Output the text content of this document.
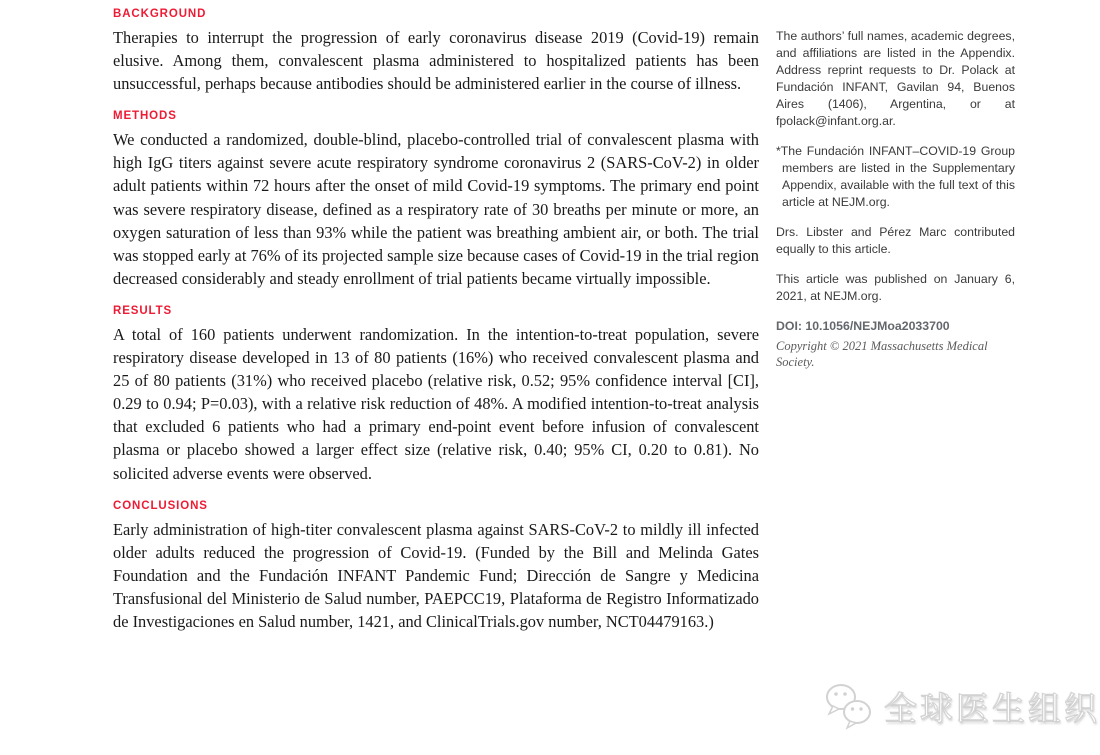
BACKGROUND

Therapies to interrupt the progression of early coronavirus disease 2019 (Covid-19) remain elusive. Among them, convalescent plasma administered to hospitalized patients has been unsuccessful, perhaps because antibodies should be administered earlier in the course of illness.

METHODS

We conducted a randomized, double-blind, placebo-controlled trial of convalescent plasma with high IgG titers against severe acute respiratory syndrome coronavirus 2 (SARS-CoV-2) in older adult patients within 72 hours after the onset of mild Covid-19 symptoms. The primary end point was severe respiratory disease, defined as a respiratory rate of 30 breaths per minute or more, an oxygen saturation of less than 93% while the patient was breathing ambient air, or both. The trial was stopped early at 76% of its projected sample size because cases of Covid-19 in the trial region decreased considerably and steady enrollment of trial patients became virtually impossible.

RESULTS

A total of 160 patients underwent randomization. In the intention-to-treat population, severe respiratory disease developed in 13 of 80 patients (16%) who received convalescent plasma and 25 of 80 patients (31%) who received placebo (relative risk, 0.52; 95% confidence interval [CI], 0.29 to 0.94; P=0.03), with a relative risk reduction of 48%. A modified intention-to-treat analysis that excluded 6 patients who had a primary end-point event before infusion of convalescent plasma or placebo showed a larger effect size (relative risk, 0.40; 95% CI, 0.20 to 0.81). No solicited adverse events were observed.

CONCLUSIONS

Early administration of high-titer convalescent plasma against SARS-CoV-2 to mildly ill infected older adults reduced the progression of Covid-19. (Funded by the Bill and Melinda Gates Foundation and the Fundación INFANT Pandemic Fund; Dirección de Sangre y Medicina Transfusional del Ministerio de Salud number, PAEPCC19, Plataforma de Registro Informatizado de Investigaciones en Salud number, 1421, and ClinicalTrials.gov number, NCT04479163.)

The authors’ full names, academic degrees, and affiliations are listed in the Appendix. Address reprint requests to Dr. Polack at Fundación INFANT, Gavilan 94, Buenos Aires (1406), Argentina, or at fpolack@infant.org.ar.

*The Fundación INFANT–COVID-19 Group members are listed in the Supplementary Appendix, available with the full text of this article at NEJM.org.

Drs. Libster and Pérez Marc contributed equally to this article.

This article was published on January 6, 2021, at NEJM.org.

DOI: 10.1056/NEJMoa2033700

Copyright © 2021 Massachusetts Medical Society.

全球医生组织
